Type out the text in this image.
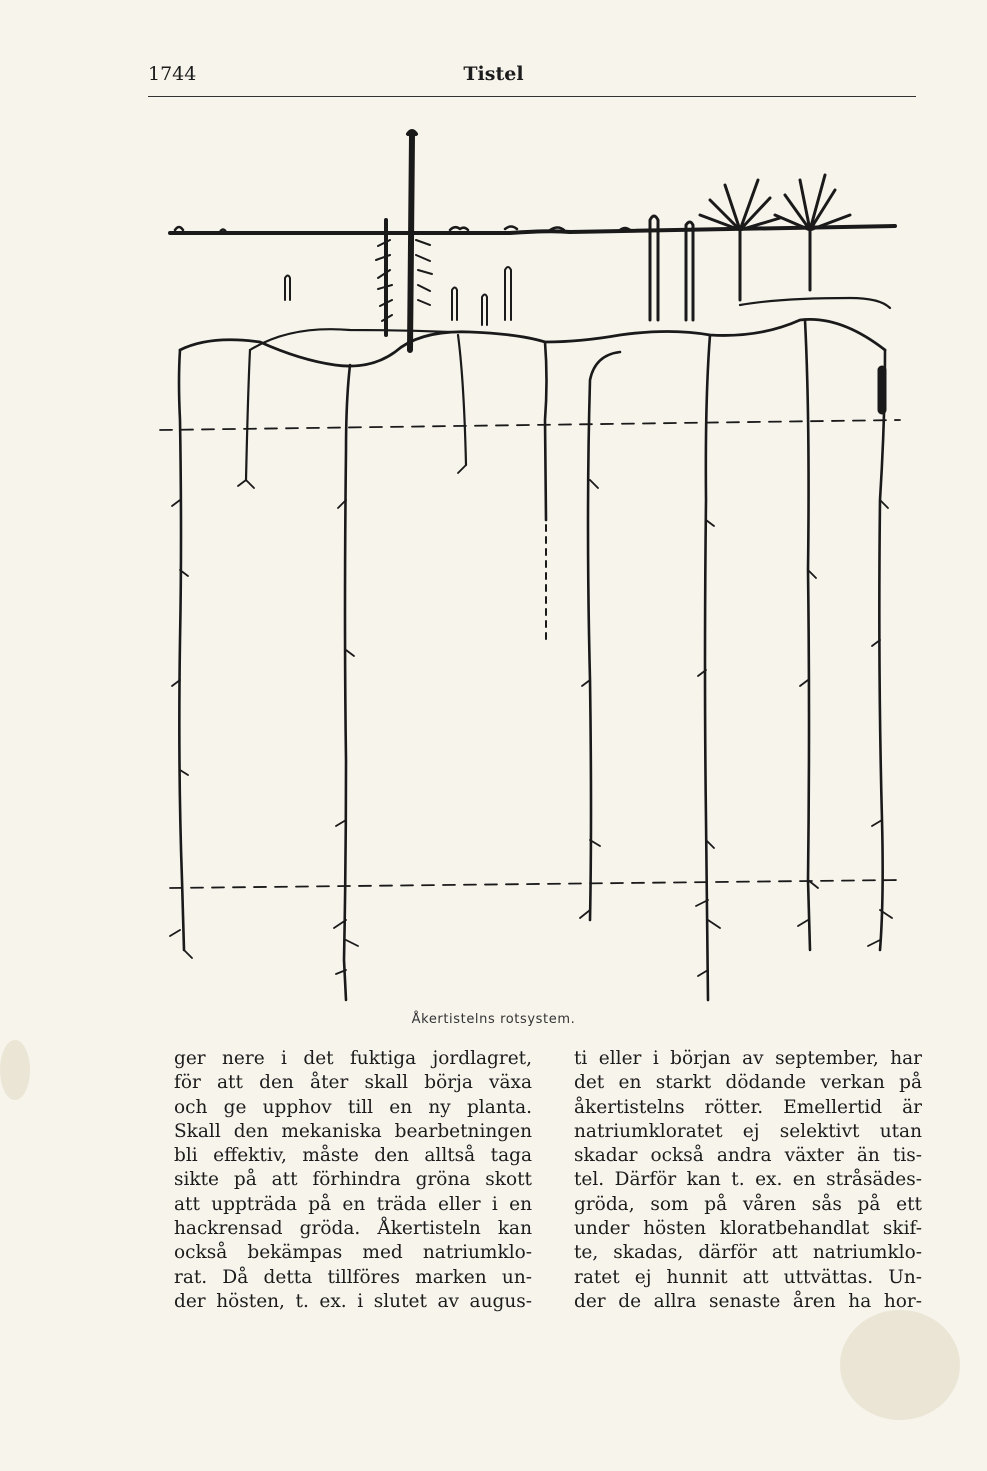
1744	Tistel
Åkertistelns rotsystem.

ger nere i det fuktiga jordlagret,
för att den åter skall börja växa
och ge upphov till en ny planta.
Skall den mekaniska bearbetningen
bli effektiv, måste den alltså taga
sikte på att förhindra gröna skott
att uppträda på en träda eller i en
hackrensad gröda. Åkertisteln kan
också bekämpas med natriumklo-
rat. Då detta tillföres marken un-
der hösten, t. ex. i slutet av augus-

ti eller i början av september, har
det en starkt dödande verkan på
åkertistelns rötter. Emellertid är
natriumkloratet ej selektivt utan
skadar också andra växter än tis-
tel. Därför kan t. ex. en stråsädes-
gröda, som på våren sås på ett
under hösten kloratbehandlat skif-
te, skadas, därför att natriumklo-
ratet ej hunnit att uttvättas. Un-
der de allra senaste åren ha hor-
